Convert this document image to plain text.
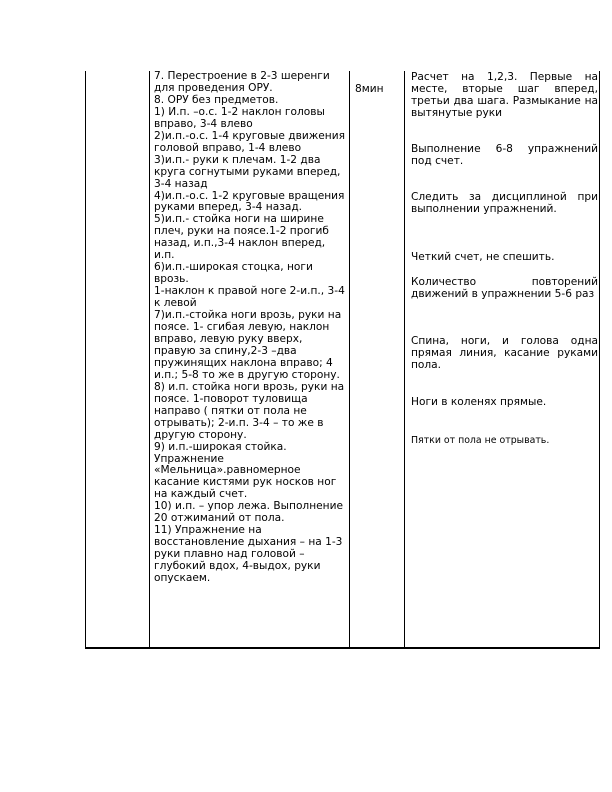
7. Перестроение в 2-3 шеренги для проведения ОРУ.
8. ОРУ без предметов.
1) И.п. –о.с. 1-2 наклон головы вправо, 3-4 влево
2)и.п.-о.с. 1-4 круговые движения головой вправо, 1-4 влево
3)и.п.- руки к плечам. 1-2 два круга согнутыми руками вперед, 3-4 назад
4)и.п.-о.с. 1-2 круговые вращения руками вперед, 3-4 назад.
5)и.п.- стойка ноги на ширине плеч, руки на поясе.1-2 прогиб назад, и.п.,3-4 наклон вперед, и.п.
6)и.п.-широкая стоцка, ноги врозь.
1-наклон к правой ноге 2-и.п., 3-4 к левой
7)и.п.-стойка ноги врозь, руки на поясе. 1- сгибая левую, наклон вправо, левую руку вверх, правую за спину,2-3 –два пружинящих наклона вправо; 4 и.п.; 5-8 то же в другую сторону.
8) и.п. стойка ноги врозь, руки на поясе. 1-поворот туловища направо ( пятки от пола не отрывать); 2-и.п. 3-4 – то же в другую сторону.
9) и.п.-широкая стойка. Упражнение «Мельница».равномерное касание кистями рук носков ног на каждый счет.
10) и.п. – упор лежа. Выполнение 20 отжиманий от пола.
11) Упражнение на восстановление дыхания – на 1-3 руки плавно над головой – глубокий вдох, 4-выдох, руки опускаем.

8мин

Расчет на 1,2,3. Первые на месте, вторые шаг вперед, третьи два шага. Размыкание на вытянутые руки

Выполнение 6-8 упражнений под счет.

Следить за дисциплиной при выполнении упражнений.

Четкий счет, не спешить.

Количество повторений движений в упражнении 5-6 раз

Спина, ноги, и голова одна прямая линия, касание руками пола.

Ноги в коленях прямые.

Пятки от пола не отрывать.
